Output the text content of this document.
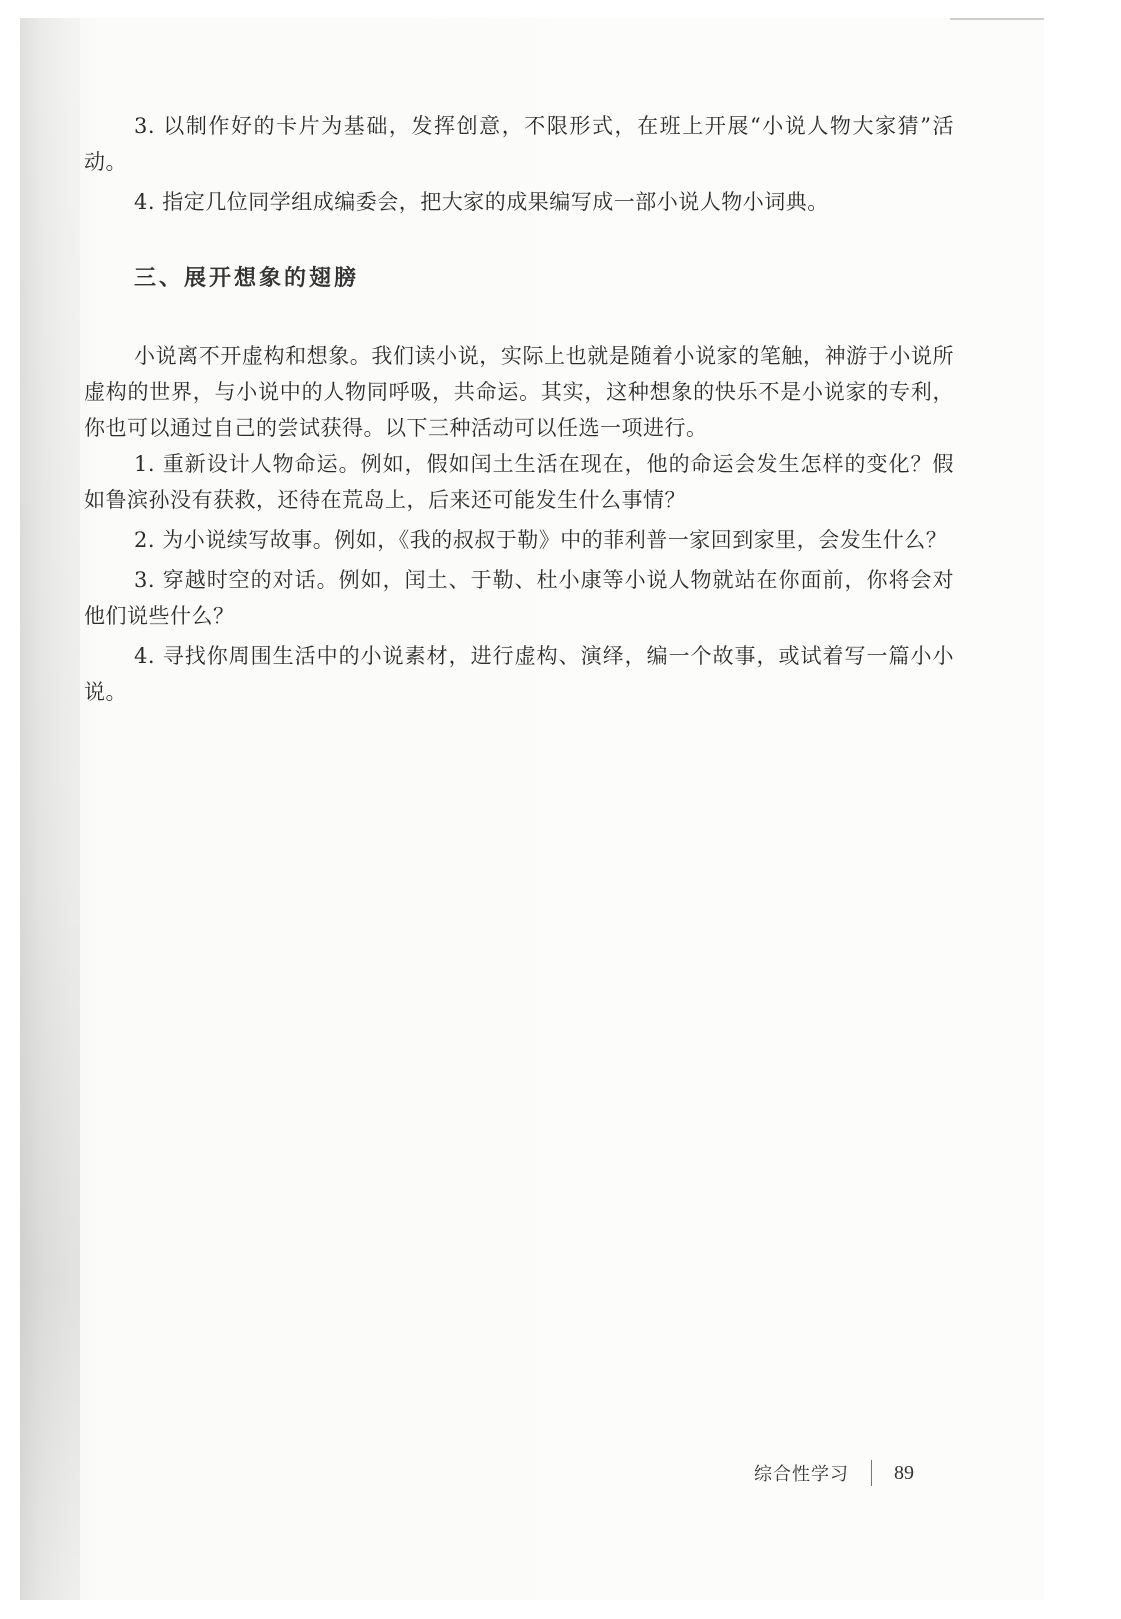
3. 以制作好的卡片为基础，发挥创意，不限形式，在班上开展“小说人物大家猜”活动。

4. 指定几位同学组成编委会，把大家的成果编写成一部小说人物小词典。

三、展开想象的翅膀

小说离不开虚构和想象。我们读小说，实际上也就是随着小说家的笔触，神游于小说所虚构的世界，与小说中的人物同呼吸，共命运。其实，这种想象的快乐不是小说家的专利，你也可以通过自己的尝试获得。以下三种活动可以任选一项进行。

1. 重新设计人物命运。例如，假如闰土生活在现在，他的命运会发生怎样的变化？假如鲁滨孙没有获救，还待在荒岛上，后来还可能发生什么事情？

2. 为小说续写故事。例如，《我的叔叔于勒》中的菲利普一家回到家里，会发生什么？

3. 穿越时空的对话。例如，闰土、于勒、杜小康等小说人物就站在你面前，你将会对他们说些什么？

4. 寻找你周围生活中的小说素材，进行虚构、演绎，编一个故事，或试着写一篇小小说。

综合性学习 89
